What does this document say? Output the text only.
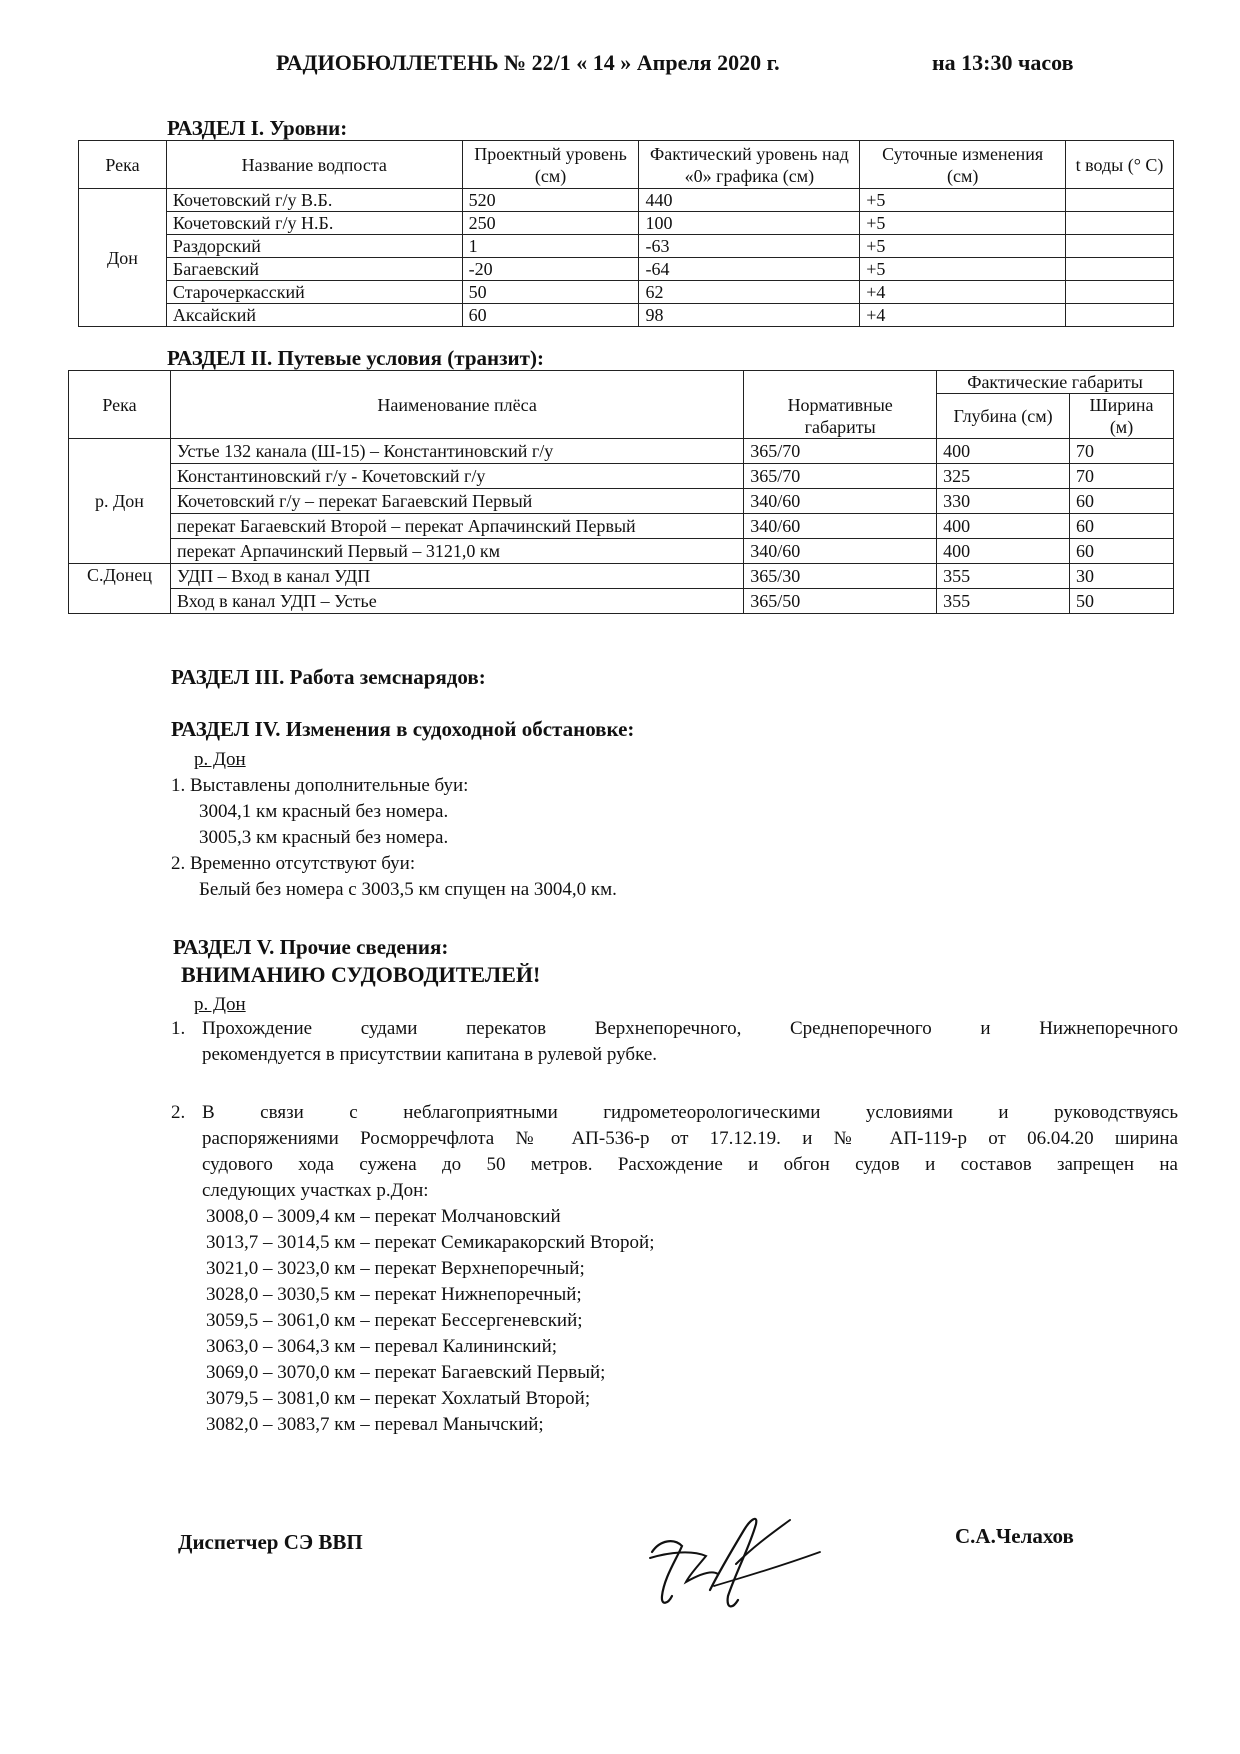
РАДИОБЮЛЛЕТЕНЬ № 22/1 « 14 » Апреля 2020 г.	на 13:30 часов
РАЗДЕЛ I. Уровни:
Река	Название водпоста	Проектный уровень (см)	Фактический уровень над «0» графика (см)	Суточные изменения (см)	t воды (° С)
Дон	Кочетовский г/у В.Б.	520	440	+5	
	Кочетовский г/у Н.Б.	250	100	+5	
	Раздорский	1	-63	+5	
	Багаевский	-20	-64	+5	
	Старочеркасский	50	62	+4	
	Аксайский	60	98	+4	
РАЗДЕЛ II. Путевые условия (транзит):
Река	Наименование плёса	Нормативные габариты	Фактические габариты	
			Глубина (см)	Ширина (м)
р. Дон	Устье 132 канала (Ш-15) – Константиновский г/у	365/70	400	70
	Константиновский г/у - Кочетовский г/у	365/70	325	70
	Кочетовский г/у – перекат Багаевский Первый	340/60	330	60
	перекат Багаевский Второй – перекат Арпачинский Первый	340/60	400	60
	перекат Арпачинский Первый – 3121,0 км	340/60	400	60
С.Донец	УДП – Вход в канал УДП	365/30	355	30
	Вход в канал УДП – Устье	365/50	355	50
РАЗДЕЛ III. Работа земснарядов:
РАЗДЕЛ IV. Изменения в судоходной обстановке:
р. Дон
1. Выставлены дополнительные буи:
3004,1 км красный без номера.
3005,3 км красный без номера.
2. Временно отсутствуют буи:
Белый без номера с 3003,5 км спущен на 3004,0 км.
РАЗДЕЛ V. Прочие сведения:
ВНИМАНИЮ СУДОВОДИТЕЛЕЙ!
р. Дон
1. Прохождение судами перекатов Верхнепоречного, Среднепоречного и Нижнепоречного
рекомендуется в присутствии капитана в рулевой рубке.
2. В связи с неблагоприятными гидрометеорологическими условиями и руководствуясь
распоряжениями Росморречфлота № АП-536-р от 17.12.19. и № АП-119-р от 06.04.20 ширина
судового хода сужена до 50 метров. Расхождение и обгон судов и составов запрещен на
следующих участках р.Дон:
3008,0 – 3009,4 км – перекат Молчановский
3013,7 – 3014,5 км – перекат Семикаракорский Второй;
3021,0 – 3023,0 км – перекат Верхнепоречный;
3028,0 – 3030,5 км – перекат Нижнепоречный;
3059,5 – 3061,0 км – перекат Бессергеневский;
3063,0 – 3064,3 км – перевал Калининский;
3069,0 – 3070,0 км – перекат Багаевский Первый;
3079,5 – 3081,0 км – перекат Хохлатый Второй;
3082,0 – 3083,7 км – перевал Манычский;
Диспетчер СЭ ВВП	С.А.Челахов
